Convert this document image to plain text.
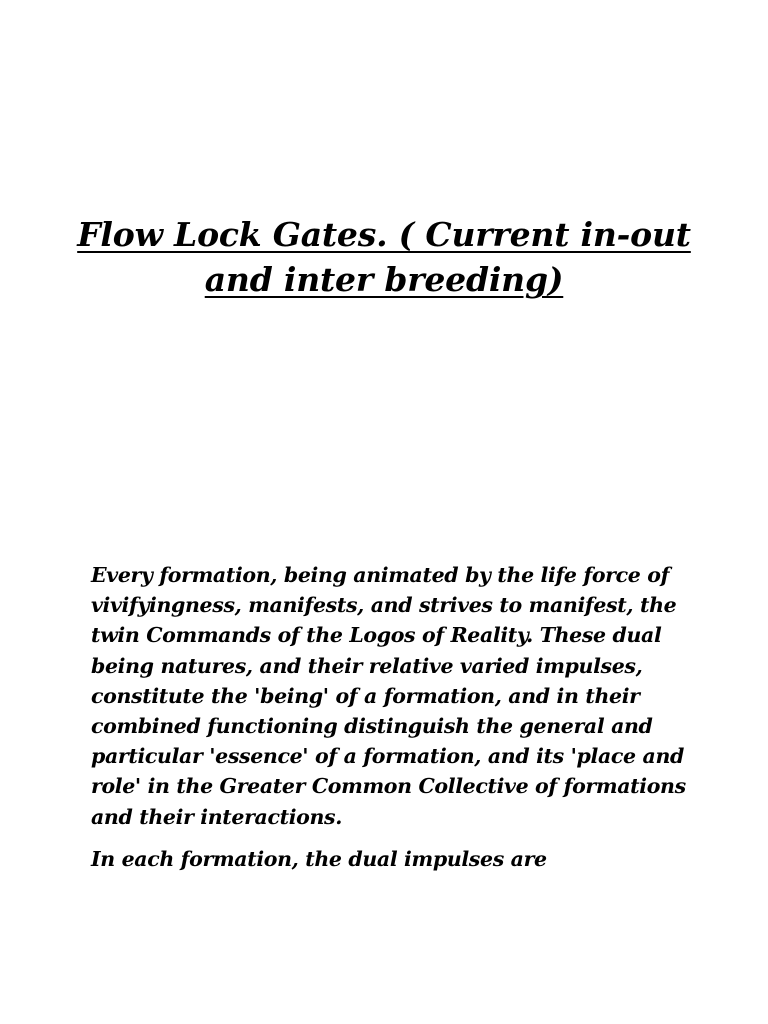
Flow Lock Gates. ( Current in-out and inter breeding)

Every formation, being animated by the life force of vivifyingness, manifests, and strives to manifest, the twin Commands of the Logos of Reality. These dual being natures, and their relative varied impulses, constitute the 'being' of a formation, and in their combined functioning distinguish the general and particular 'essence' of a formation, and its 'place and role' in the Greater Common Collective of formations and their interactions.

In each formation, the dual impulses are
